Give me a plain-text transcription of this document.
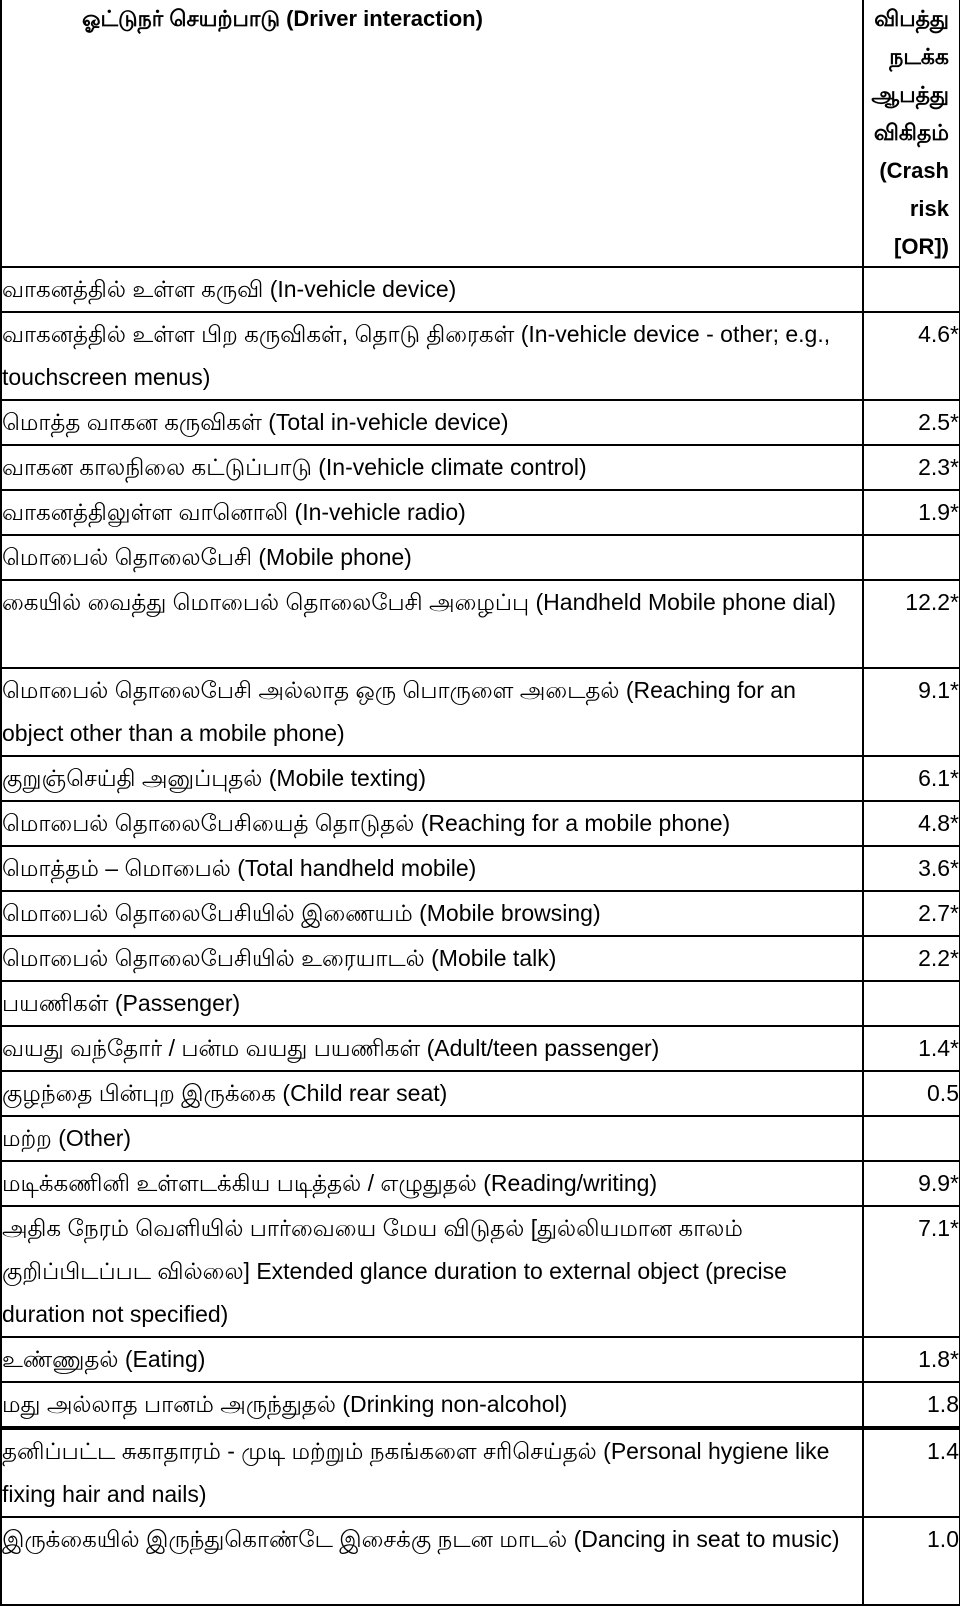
ஓட்டுநர் செயற்பாடு (Driver interaction)	விபத்து நடக்க
ஆபத்து விகிதம்
(Crash risk [OR])

வாகனத்தில் உள்ள கருவி (In-vehicle device)	
வாகனத்தில் உள்ள பிற கருவிகள், தொடு திரைகள் (In-vehicle device - other; e.g., touchscreen menus)	4.6*
மொத்த வாகன கருவிகள் (Total in-vehicle device)	2.5*
வாகன காலநிலை கட்டுப்பாடு (In-vehicle climate control)	2.3*
வாகனத்திலுள்ள வானொலி (In-vehicle radio)	1.9*
மொபைல் தொலைபேசி (Mobile phone)	
கையில் வைத்து மொபைல் தொலைபேசி அழைப்பு (Handheld Mobile phone dial)	12.2*
மொபைல் தொலைபேசி அல்லாத ஒரு பொருளை அடைதல் (Reaching for an object other than a mobile phone)	9.1*
குறுஞ்செய்தி அனுப்புதல் (Mobile texting)	6.1*
மொபைல் தொலைபேசியைத் தொடுதல் (Reaching for a mobile phone)	4.8*
மொத்தம் – மொபைல் (Total handheld mobile)	3.6*
மொபைல் தொலைபேசியில் இணையம் (Mobile browsing)	2.7*
மொபைல் தொலைபேசியில் உரையாடல் (Mobile talk)	2.2*
பயணிகள் (Passenger)	
வயது வந்தோர் / பன்ம வயது பயணிகள் (Adult/teen passenger)	1.4*
குழந்தை பின்புற இருக்கை (Child rear seat)	0.5
மற்ற (Other)	
மடிக்கணினி உள்ளடக்கிய படித்தல் / எழுதுதல் (Reading/writing)	9.9*
அதிக நேரம் வெளியில் பார்வையை மேய விடுதல் [துல்லியமான காலம் குறிப்பிடப்பட வில்லை] Extended glance duration to external object (precise duration not specified)	7.1*
உண்ணுதல் (Eating)	1.8*
மது அல்லாத பானம் அருந்துதல் (Drinking non-alcohol)	1.8
தனிப்பட்ட சுகாதாரம் - முடி மற்றும் நகங்களை சரிசெய்தல் (Personal hygiene like fixing hair and nails)	1.4
இருக்கையில் இருந்துகொண்டே இசைக்கு நடன மாடல் (Dancing in seat to music)	1.0
